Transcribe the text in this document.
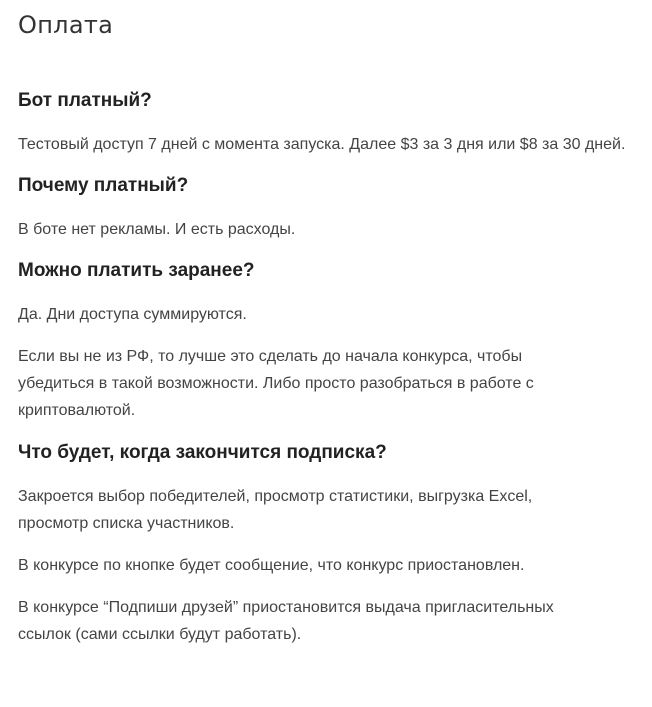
Оплата
Бот платный?

Тестовый доступ 7 дней с момента запуска. Далее $3 за 3 дня или $8 за 30 дней.

Почему платный?

В боте нет рекламы. И есть расходы.

Можно платить заранее?

Да. Дни доступа суммируются.

Если вы не из РФ, то лучше это сделать до начала конкурса, чтобы убедиться в такой возможности. Либо просто разобраться в работе с криптовалютой.

Что будет, когда закончится подписка?

Закроется выбор победителей, просмотр статистики, выгрузка Excel, просмотр списка участников.

В конкурсе по кнопке будет сообщение, что конкурс приостановлен.

В конкурсе “Подпиши друзей” приостановится выдача пригласительных ссылок (сами ссылки будут работать).
